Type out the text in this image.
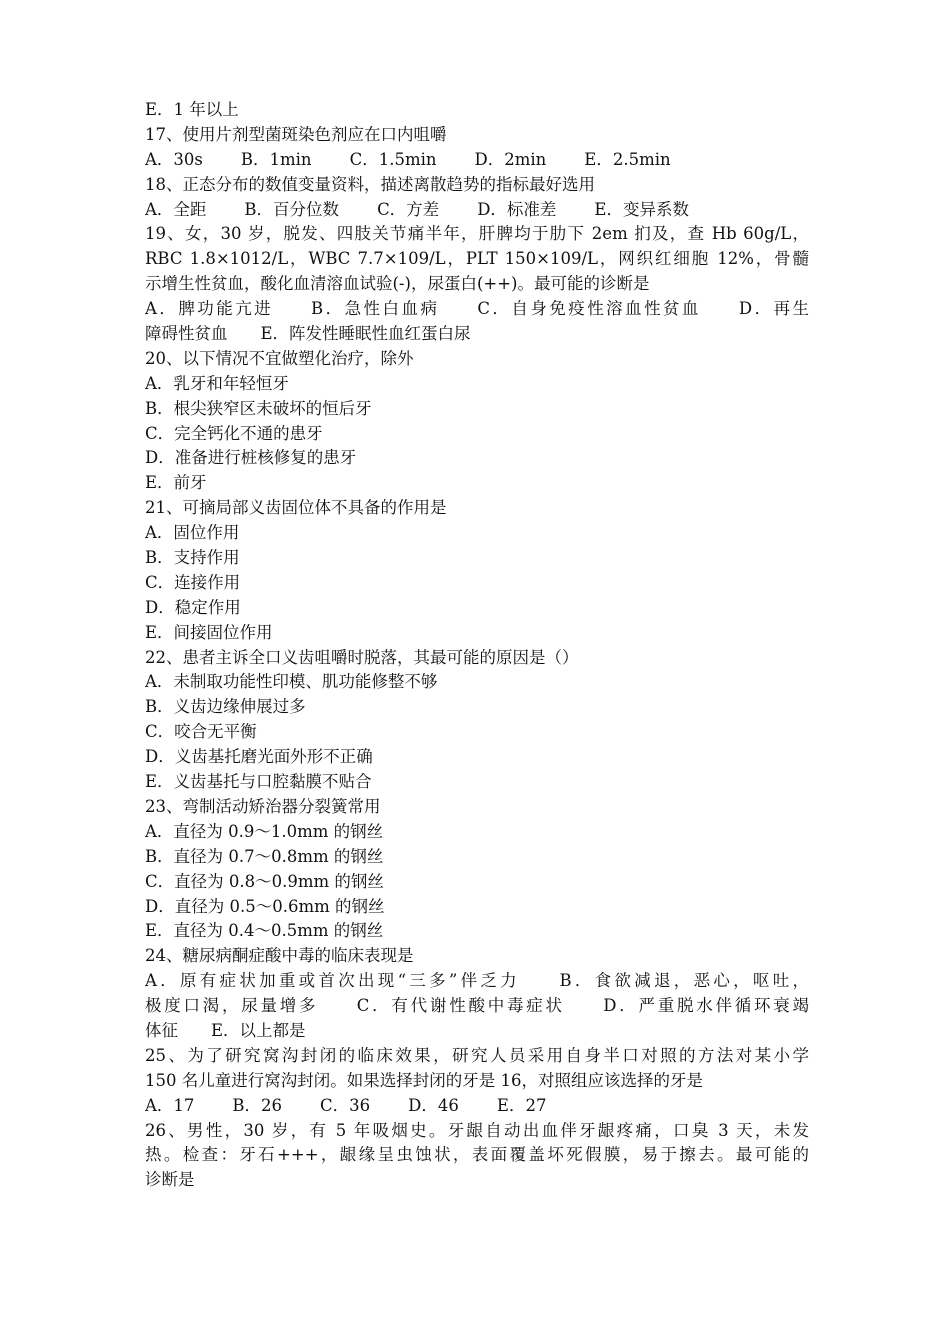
E．1 年以上
17、使用片剂型菌斑染色剂应在口内咀嚼
A．30s B．1min C．1.5min D．2min E．2.5min
18、正态分布的数值变量资料，描述离散趋势的指标最好选用
A．全距 B．百分位数 C．方差 D．标准差 E．变异系数
19、女，30 岁，脱发、四肢关节痛半年，肝脾均于肋下 2em 扪及，查 Hb 60g/L，
RBC 1.8×1012/L，WBC 7.7×109/L，PLT 150×109/L，网织红细胞 12%，骨髓
示增生性贫血，酸化血清溶血试验(-)，尿蛋白(++)。最可能的诊断是
A．脾功能亢进　　B．急性白血病　　C．自身免疫性溶血性贫血　　D．再生
障碍性贫血　　E．阵发性睡眠性血红蛋白尿
20、以下情况不宜做塑化治疗，除外
A．乳牙和年轻恒牙
B．根尖狭窄区未破坏的恒后牙
C．完全钙化不通的患牙
D．准备进行桩核修复的患牙
E．前牙
21、可摘局部义齿固位体不具备的作用是
A．固位作用
B．支持作用
C．连接作用
D．稳定作用
E．间接固位作用
22、患者主诉全口义齿咀嚼时脱落，其最可能的原因是（）
A．未制取功能性印模、肌功能修整不够
B．义齿边缘伸展过多
C．咬合无平衡
D．义齿基托磨光面外形不正确
E．义齿基托与口腔黏膜不贴合
23、弯制活动矫治器分裂簧常用
A．直径为 0.9～1.0mm 的钢丝
B．直径为 0.7～0.8mm 的钢丝
C．直径为 0.8～0.9mm 的钢丝
D．直径为 0.5～0.6mm 的钢丝
E．直径为 0.4～0.5mm 的钢丝
24、糖尿病酮症酸中毒的临床表现是
A．原有症状加重或首次出现“三多”伴乏力　　B．食欲减退，恶心，呕吐，
极度口渴，尿量增多　　C．有代谢性酸中毒症状　　D．严重脱水伴循环衰竭
体征　　E．以上都是
25、为了研究窝沟封闭的临床效果，研究人员采用自身半口对照的方法对某小学
150 名儿童进行窝沟封闭。如果选择封闭的牙是 16，对照组应该选择的牙是
A．17 B．26 C．36 D．46 E．27
26、男性，30 岁，有 5 年吸烟史。牙龈自动出血伴牙龈疼痛，口臭 3 天，未发
热。检查：牙石+++，龈缘呈虫蚀状，表面覆盖坏死假膜，易于擦去。最可能的
诊断是
